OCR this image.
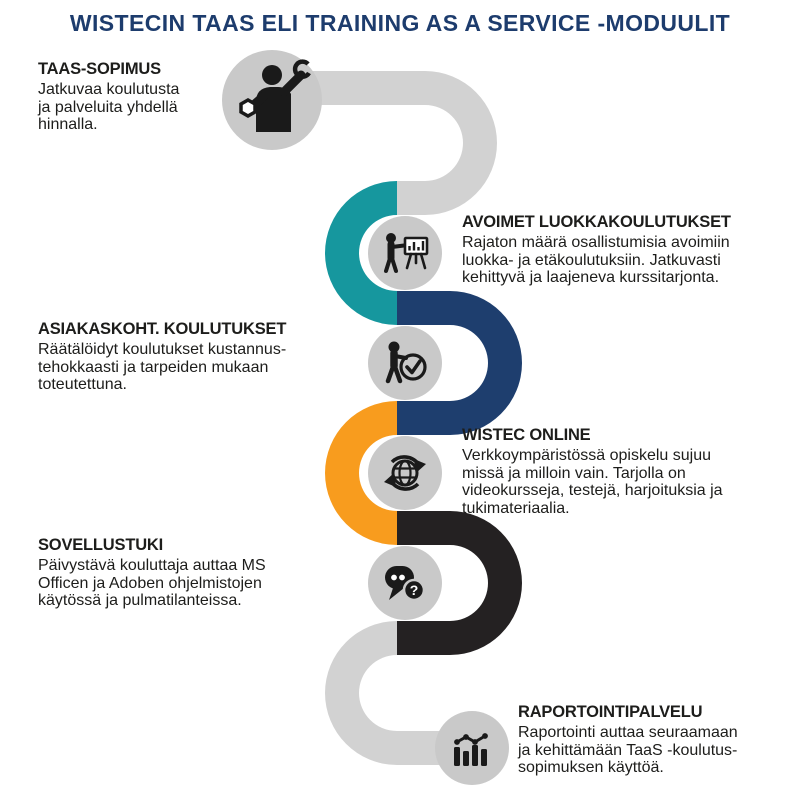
WISTECIN TAAS ELI TRAINING AS A SERVICE -MODUULIT
?
TAAS-SOPIMUS
Jatkuvaa koulutusta
ja palveluita yhdellä
hinnalla.
AVOIMET LUOKKAKOULUTUKSET
Rajaton määrä osallistumisia avoimiin
luokka- ja etäkoulutuksiin. Jatkuvasti
kehittyvä ja laajeneva kurssitarjonta.
ASIAKASKOHT. KOULUTUKSET
Räätälöidyt koulutukset kustannus-
tehokkaasti ja tarpeiden mukaan
toteutettuna.
WISTEC ONLINE
Verkkoympäristössä opiskelu sujuu
missä ja milloin vain. Tarjolla on
videokursseja, testejä, harjoituksia ja
tukimateriaalia.
SOVELLUSTUKI
Päivystävä kouluttaja auttaa MS
Officen ja Adoben ohjelmistojen
käytössä ja pulmatilanteissa.
RAPORTOINTIPALVELU
Raportointi auttaa seuraamaan
ja kehittämään TaaS -koulutus-
sopimuksen käyttöä.
